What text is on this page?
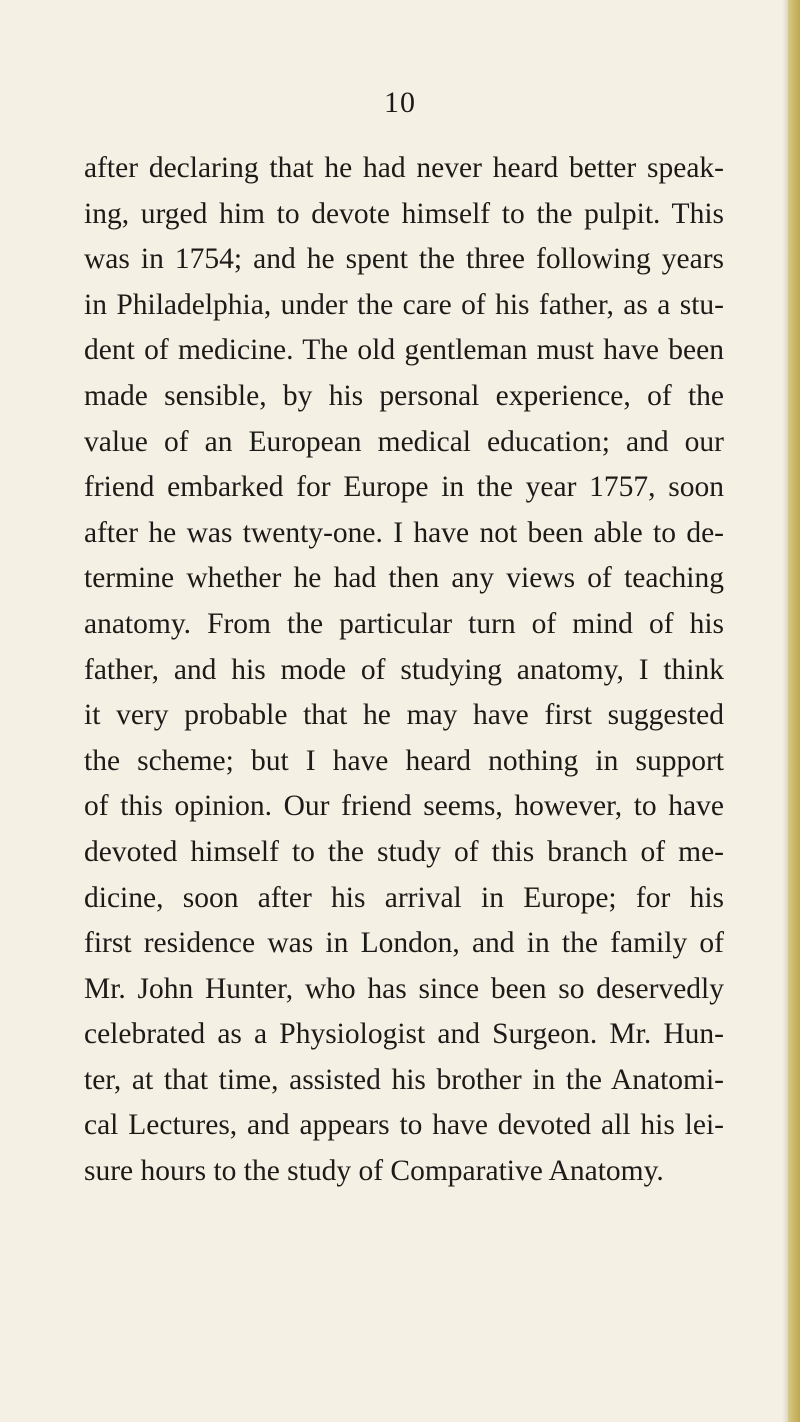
10
after declaring that he had never heard better speak-
ing, urged him to devote himself to the pulpit. This
was in 1754; and he spent the three following years
in Philadelphia, under the care of his father, as a stu-
dent of medicine. The old gentleman must have been
made sensible, by his personal experience, of the
value of an European medical education; and our
friend embarked for Europe in the year 1757, soon
after he was twenty-one. I have not been able to de-
termine whether he had then any views of teaching
anatomy. From the particular turn of mind of his
father, and his mode of studying anatomy, I think
it very probable that he may have first suggested
the scheme; but I have heard nothing in support
of this opinion. Our friend seems, however, to have
devoted himself to the study of this branch of me-
dicine, soon after his arrival in Europe; for his
first residence was in London, and in the family of
Mr. John Hunter, who has since been so deservedly
celebrated as a Physiologist and Surgeon. Mr. Hun-
ter, at that time, assisted his brother in the Anatomi-
cal Lectures, and appears to have devoted all his lei-
sure hours to the study of Comparative Anatomy.
